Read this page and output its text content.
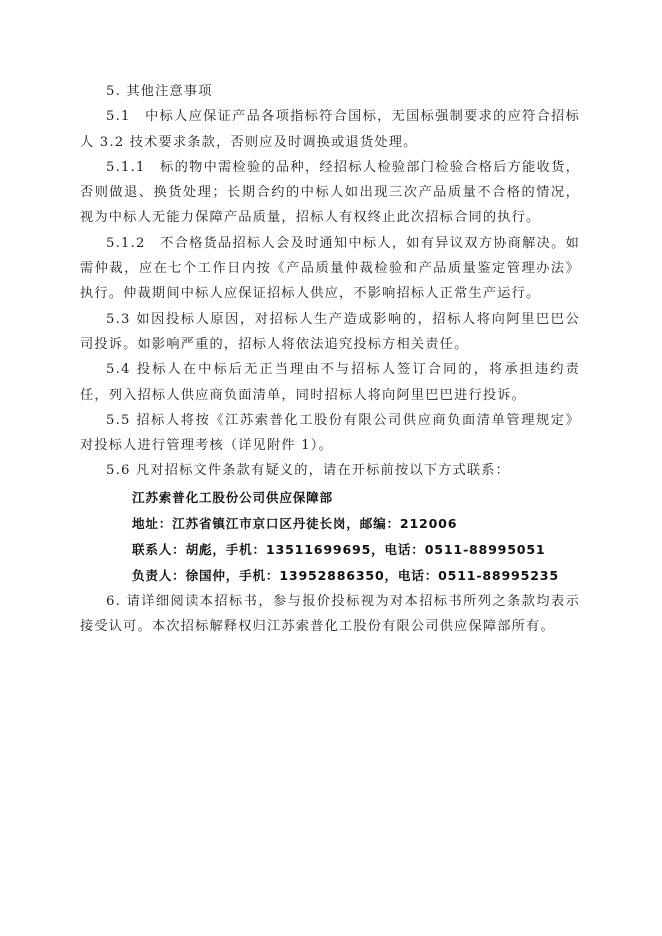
5. 其他注意事项

5.1　中标人应保证产品各项指标符合国标，无国标强制要求的应符合招标人 3.2 技术要求条款，否则应及时调换或退货处理。

5.1.1　标的物中需检验的品种，经招标人检验部门检验合格后方能收货，否则做退、换货处理；长期合约的中标人如出现三次产品质量不合格的情况，视为中标人无能力保障产品质量，招标人有权终止此次招标合同的执行。

5.1.2　不合格货品招标人会及时通知中标人，如有异议双方协商解决。如需仲裁，应在七个工作日内按《产品质量仲裁检验和产品质量鉴定管理办法》执行。仲裁期间中标人应保证招标人供应，不影响招标人正常生产运行。

5.3 如因投标人原因，对招标人生产造成影响的，招标人将向阿里巴巴公司投诉。如影响严重的，招标人将依法追究投标方相关责任。

5.4 投标人在中标后无正当理由不与招标人签订合同的，将承担违约责任，列入招标人供应商负面清单，同时招标人将向阿里巴巴进行投诉。

5.5 招标人将按《江苏索普化工股份有限公司供应商负面清单管理规定》对投标人进行管理考核（详见附件 1）。

5.6 凡对招标文件条款有疑义的，请在开标前按以下方式联系：

江苏索普化工股份公司供应保障部

地址：江苏省镇江市京口区丹徒长岗，邮编：212006

联系人：胡彪，手机：13511699695，电话：0511-88995051

负责人：徐国仲，手机：13952886350，电话：0511-88995235

6. 请详细阅读本招标书，参与报价投标视为对本招标书所列之条款均表示接受认可。本次招标解释权归江苏索普化工股份有限公司供应保障部所有。
